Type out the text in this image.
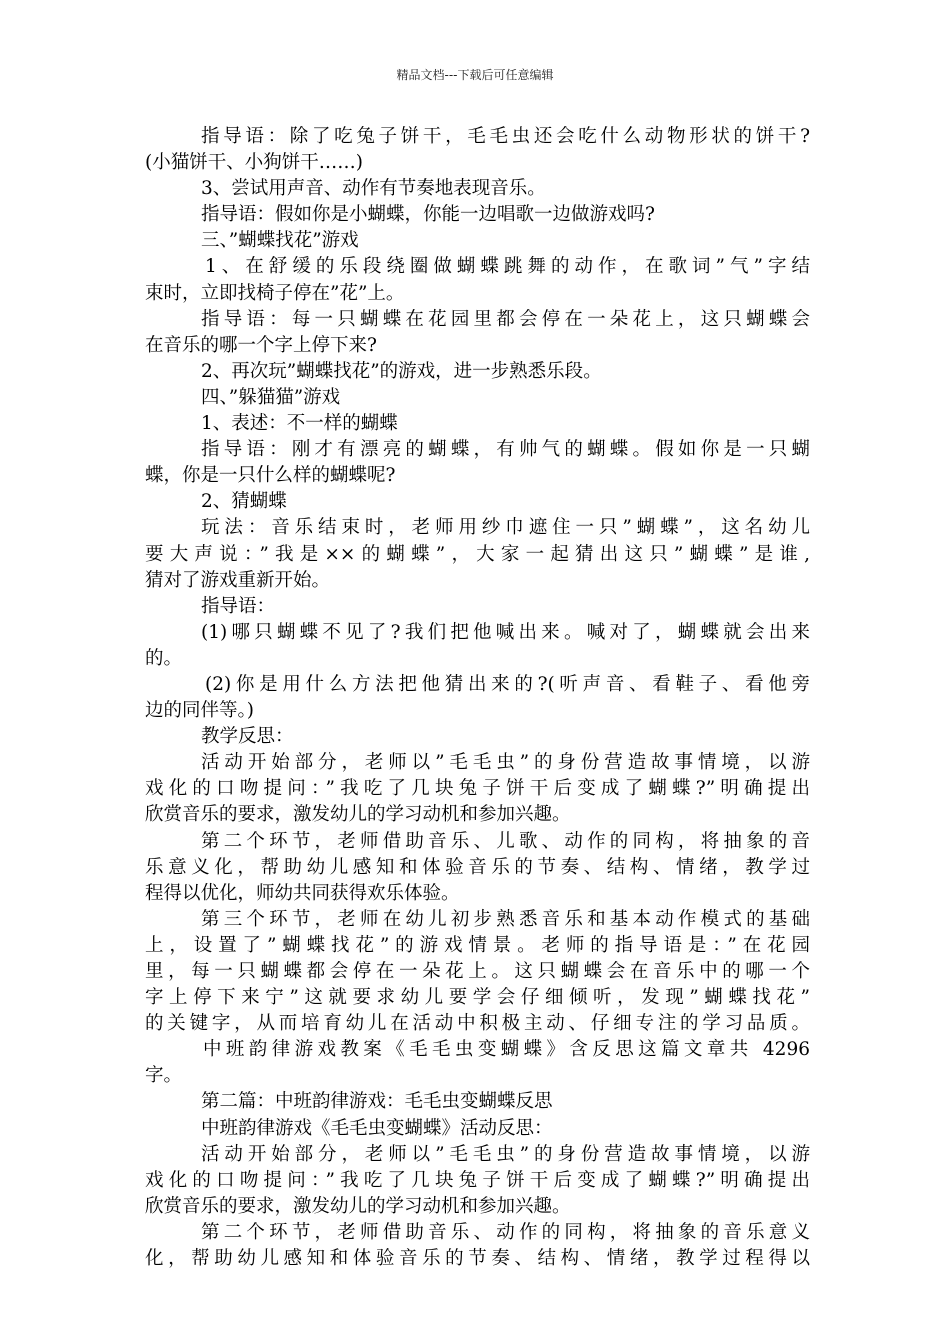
精品文档---下载后可任意编辑
指导语：除了吃兔子饼干，毛毛虫还会吃什么动物形状的饼干?
(小猫饼干、小狗饼干……)
3、尝试用声音、动作有节奏地表现音乐。
指导语：假如你是小蝴蝶，你能一边唱歌一边做游戏吗?
三、”蝴蝶找花”游戏
1、在舒缓的乐段绕圈做蝴蝶跳舞的动作，在歌词”气”字结
束时，立即找椅子停在”花”上。
指导语：每一只蝴蝶在花园里都会停在一朵花上，这只蝴蝶会
在音乐的哪一个字上停下来?
2、再次玩”蝴蝶找花”的游戏，进一步熟悉乐段。
四、”躲猫猫”游戏
1、表述：不一样的蝴蝶
指导语：刚才有漂亮的蝴蝶，有帅气的蝴蝶。假如你是一只蝴
蝶，你是一只什么样的蝴蝶呢?
2、猜蝴蝶
玩法：音乐结束时，老师用纱巾遮住一只”蝴蝶”，这名幼儿
要大声说：”我是××的蝴蝶”，大家一起猜出这只”蝴蝶”是谁,
猜对了游戏重新开始。
指导语：
(1)哪只蝴蝶不见了?我们把他喊出来。喊对了，蝴蝶就会出来
的。
(2)你是用什么方法把他猜出来的?(听声音、看鞋子、看他旁
边的同伴等。)
教学反思：
活动开始部分，老师以”毛毛虫”的身份营造故事情境，以游
戏化的口吻提问：”我吃了几块兔子饼干后变成了蝴蝶?”明确提出
欣赏音乐的要求，激发幼儿的学习动机和参加兴趣。
第二个环节，老师借助音乐、儿歌、动作的同构，将抽象的音
乐意义化，帮助幼儿感知和体验音乐的节奏、结构、情绪，教学过
程得以优化，师幼共同获得欢乐体验。
第三个环节，老师在幼儿初步熟悉音乐和基本动作模式的基础
上，设置了”蝴蝶找花”的游戏情景。老师的指导语是：”在花园
里，每一只蝴蝶都会停在一朵花上。这只蝴蝶会在音乐中的哪一个
字上停下来宁”这就要求幼儿要学会仔细倾听，发现”蝴蝶找花”
的关键字，从而培育幼儿在活动中积极主动、仔细专注的学习品质。
中班韵律游戏教案《毛毛虫变蝴蝶》含反思这篇文章共 4296
字。
第二篇：中班韵律游戏：毛毛虫变蝴蝶反思
中班韵律游戏《毛毛虫变蝴蝶》活动反思：
活动开始部分，老师以”毛毛虫”的身份营造故事情境，以游
戏化的口吻提问：”我吃了几块兔子饼干后变成了蝴蝶?”明确提出
欣赏音乐的要求，激发幼儿的学习动机和参加兴趣。
第二个环节，老师借助音乐、动作的同构，将抽象的音乐意义
化，帮助幼儿感知和体验音乐的节奏、结构、情绪，教学过程得以
